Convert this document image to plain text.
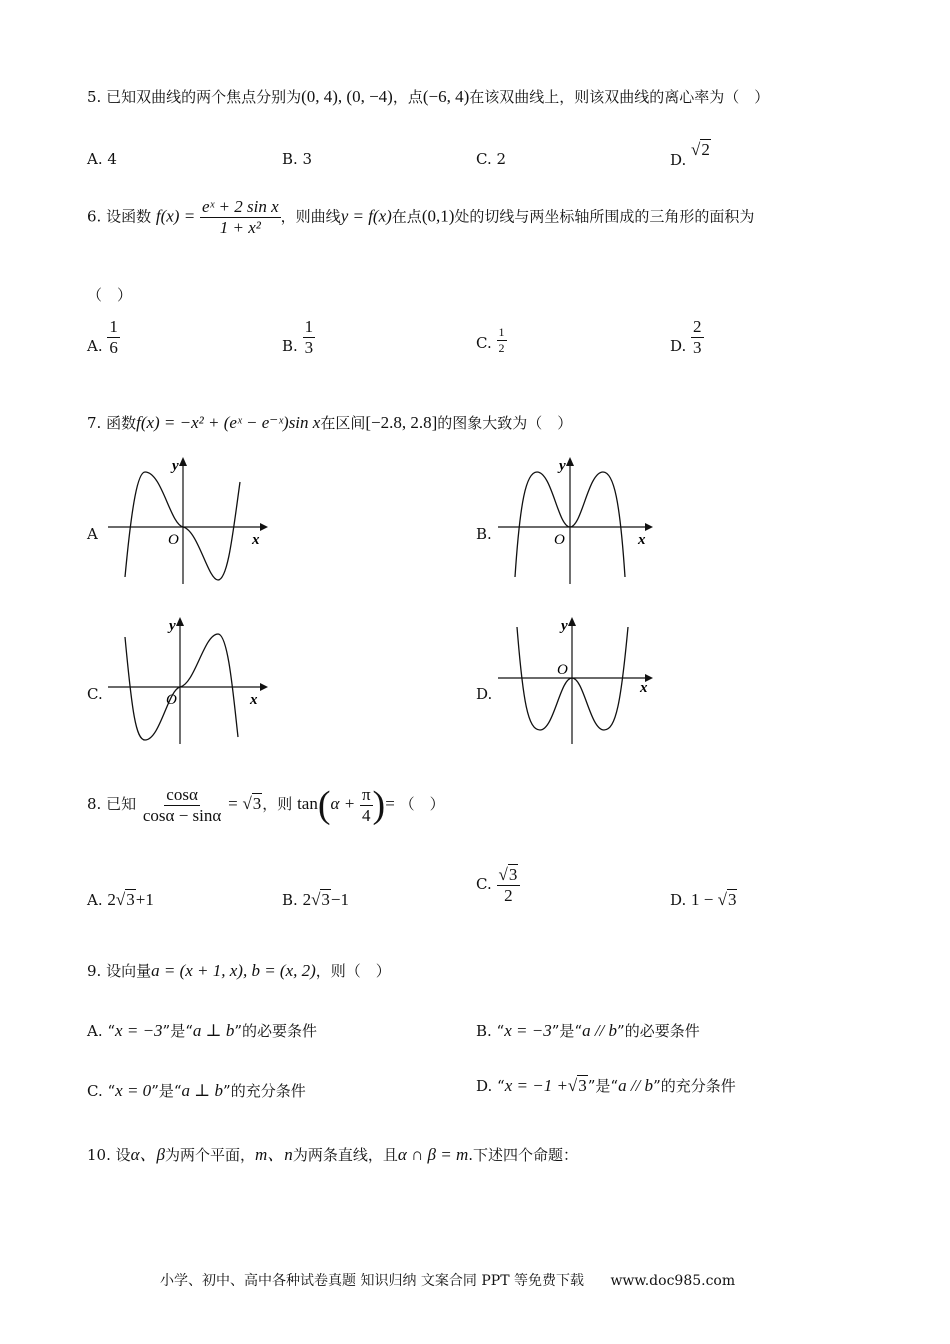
5. 已知双曲线的两个焦点分别为(0, 4), (0, −4)，点(−6, 4)在该双曲线上，则该双曲线的离心率为（　）
A. 4	B. 3	C. 2	D. √2
6. 设函数 $f(x) = \frac{\text{eˣ + 2 sin x}}{\text{1 + x²}}$ ，则曲线y = f(x)在点(0,1)处的切线与两坐标轴所围成的三角形的面积为
（　）
A. $\frac{1}{6}$	B. $\frac{1}{3}$	C. $\frac{1}{2}$	D. $\frac{2}{3}$
7. 函数f(x) = −x² + (eˣ − e⁻ˣ)sin x在区间[−2.8, 2.8]的图象大致为（　）
A
y
x
O	B.
y
x
O
C.
y
x
O	D.
y
x
O
8. 已知 $\frac{\cos\alpha}{\cos\alpha - \sin\alpha} = √3$，则 $\tan(\alpha + \frac{\pi}{4}$ )= （　）
A. 2√3+1	B. 2√3−1
C. $\frac{√3}{2}$	D. 1 − √3
9. 设向量a = (x + 1, x), b = (x, 2)，则（　）
A. “x = −3”是“a ⊥ b”的必要条件	B. “x = −3”是“a // b”的必要条件
C. “x = 0”是“a ⊥ b”的充分条件	D. “x = −1 +√3”是“a // b”的充分条件
10. 设α、β为两个平面，m、n为两条直线，且α ∩ β = m.下述四个命题：
小学、初中、高中各种试卷真题 知识归纳 文案合同 PPT 等免费下载 www.doc985.com
